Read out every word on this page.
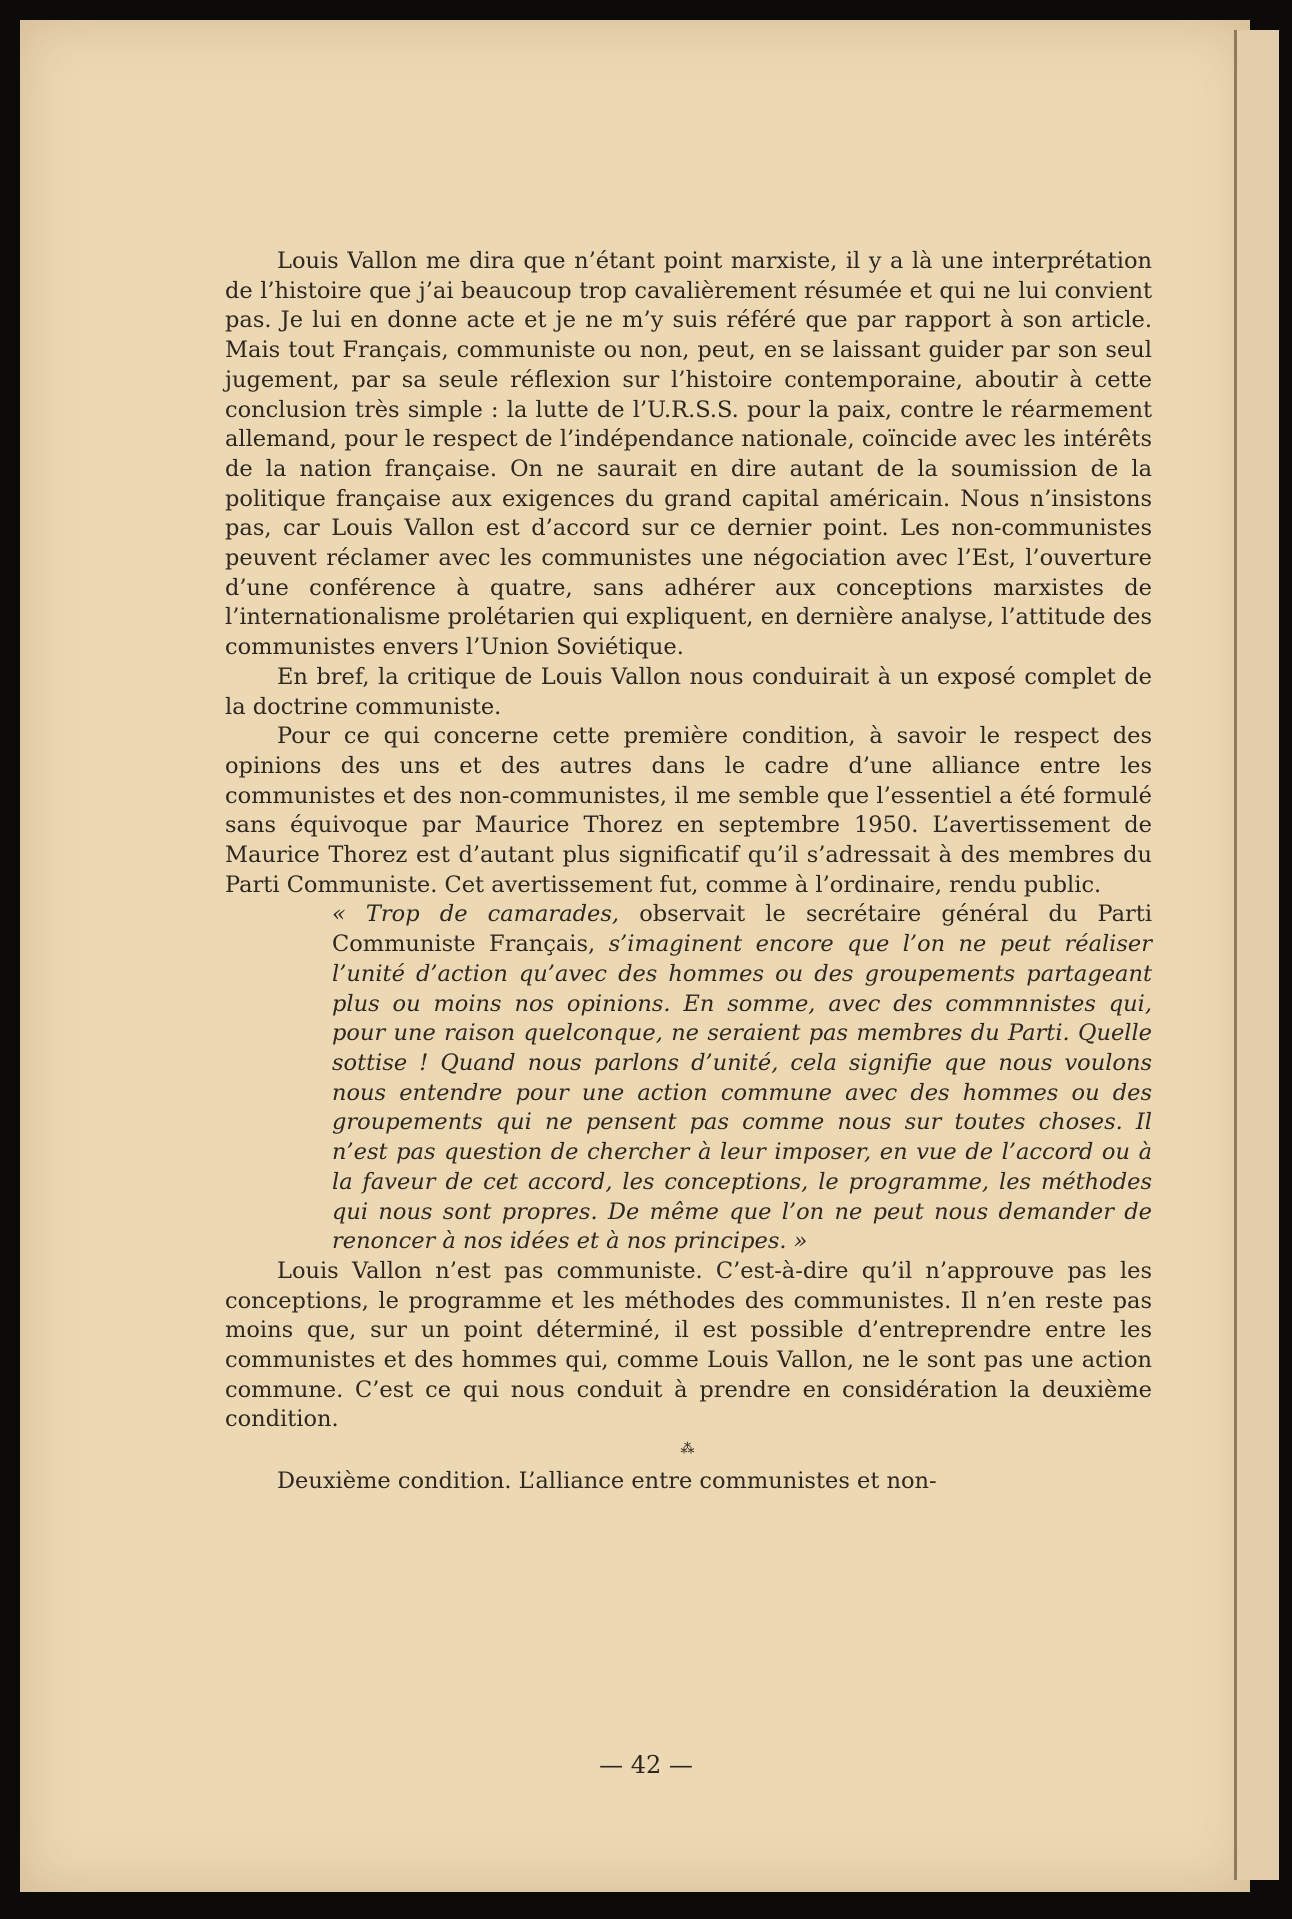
Louis Vallon me dira que n’étant point marxiste, il y a là une interprétation de l’histoire que j’ai beaucoup trop cavalièrement résumée et qui ne lui convient pas. Je lui en donne acte et je ne m’y suis référé que par rapport à son article. Mais tout Français, communiste ou non, peut, en se laissant guider par son seul jugement, par sa seule réflexion sur l’histoire contemporaine, aboutir à cette conclusion très simple : la lutte de l’U.R.S.S. pour la paix, contre le réarmement allemand, pour le respect de l’indépendance nationale, coïncide avec les intérêts de la nation française. On ne saurait en dire autant de la soumission de la politique française aux exigences du grand capital américain. Nous n’insistons pas, car Louis Vallon est d’accord sur ce dernier point. Les non-communistes peuvent réclamer avec les communistes une négociation avec l’Est, l’ouverture d’une conférence à quatre, sans adhérer aux conceptions marxistes de l’internationalisme prolétarien qui expliquent, en dernière analyse, l’attitude des communistes envers l’Union Soviétique.

En bref, la critique de Louis Vallon nous conduirait à un exposé complet de la doctrine communiste.

Pour ce qui concerne cette première condition, à savoir le respect des opinions des uns et des autres dans le cadre d’une alliance entre les communistes et des non-communistes, il me semble que l’essentiel a été formulé sans équivoque par Maurice Thorez en septembre 1950. L’avertissement de Maurice Thorez est d’autant plus significatif qu’il s’adressait à des membres du Parti Communiste. Cet avertissement fut, comme à l’ordinaire, rendu public.

« Trop de camarades, observait le secrétaire général du Parti Communiste Français, s’imaginent encore que l’on ne peut réaliser l’unité d’action qu’avec des hommes ou des groupements partageant plus ou moins nos opinions. En somme, avec des commnnistes qui, pour une raison quelconque, ne seraient pas membres du Parti. Quelle sottise ! Quand nous parlons d’unité, cela signifie que nous voulons nous entendre pour une action commune avec des hommes ou des groupements qui ne pensent pas comme nous sur toutes choses. Il n’est pas question de chercher à leur imposer, en vue de l’accord ou à la faveur de cet accord, les conceptions, le programme, les méthodes qui nous sont propres. De même que l’on ne peut nous demander de renoncer à nos idées et à nos principes. »

Louis Vallon n’est pas communiste. C’est-à-dire qu’il n’approuve pas les conceptions, le programme et les méthodes des communistes. Il n’en reste pas moins que, sur un point déterminé, il est possible d’entreprendre entre les communistes et des hommes qui, comme Louis Vallon, ne le sont pas une action commune. C’est ce qui nous conduit à prendre en considération la deuxième condition.

⁂

Deuxième condition. L’alliance entre communistes et non-

— 42 —
